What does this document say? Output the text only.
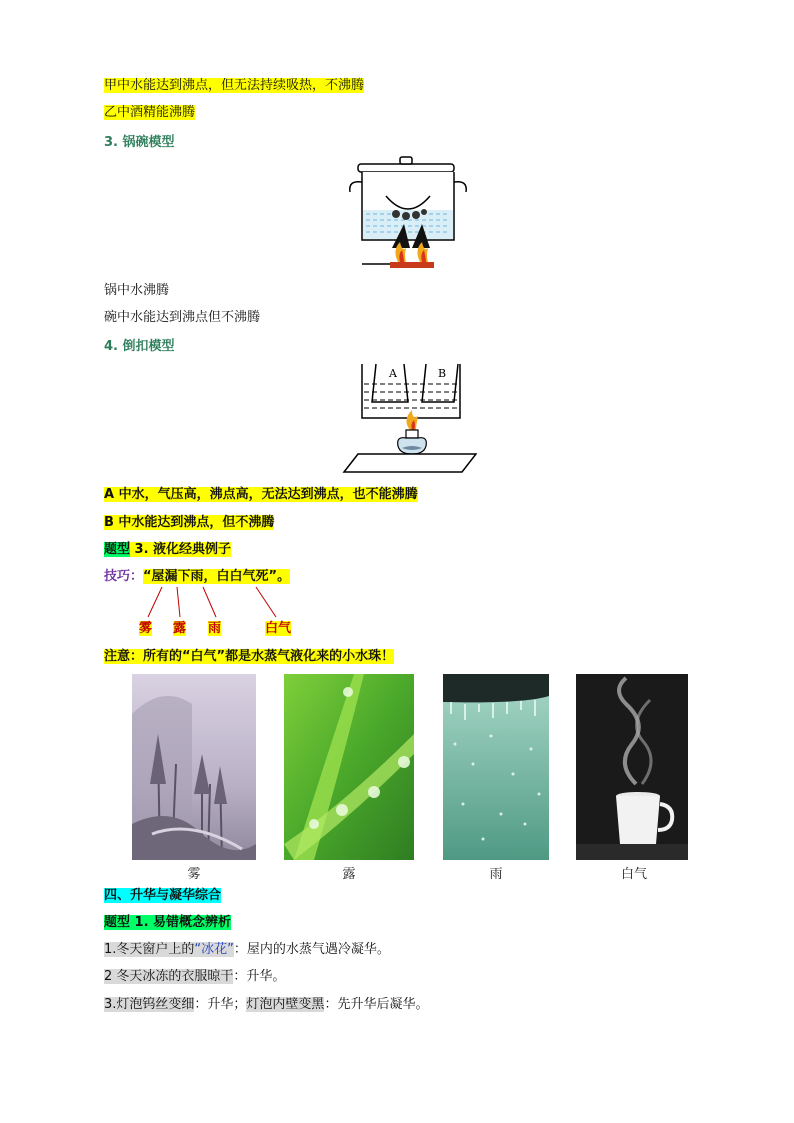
甲中水能达到沸点，但无法持续吸热，不沸腾
乙中酒精能沸腾
3. 锅碗模型
锅中水沸腾
碗中水能达到沸点但不沸腾
4. 倒扣模型
A	B
A 中水，气压高，沸点高，无法达到沸点，也不能沸腾
B 中水能达到沸点，但不沸腾
题型 3. 液化经典例子
技巧：“屋漏下雨，白白气死”。
雾 露 雨	白气
注意：所有的“白气”都是水蒸气液化来的小水珠！
雾	露	雨	白气
四、升华与凝华综合
题型 1. 易错概念辨析
1.冬天窗户上的“冰花”：屋内的水蒸气遇冷凝华。
2 冬天冰冻的衣服晾干：升华。
3.灯泡钨丝变细：升华；灯泡内壁变黑：先升华后凝华。
